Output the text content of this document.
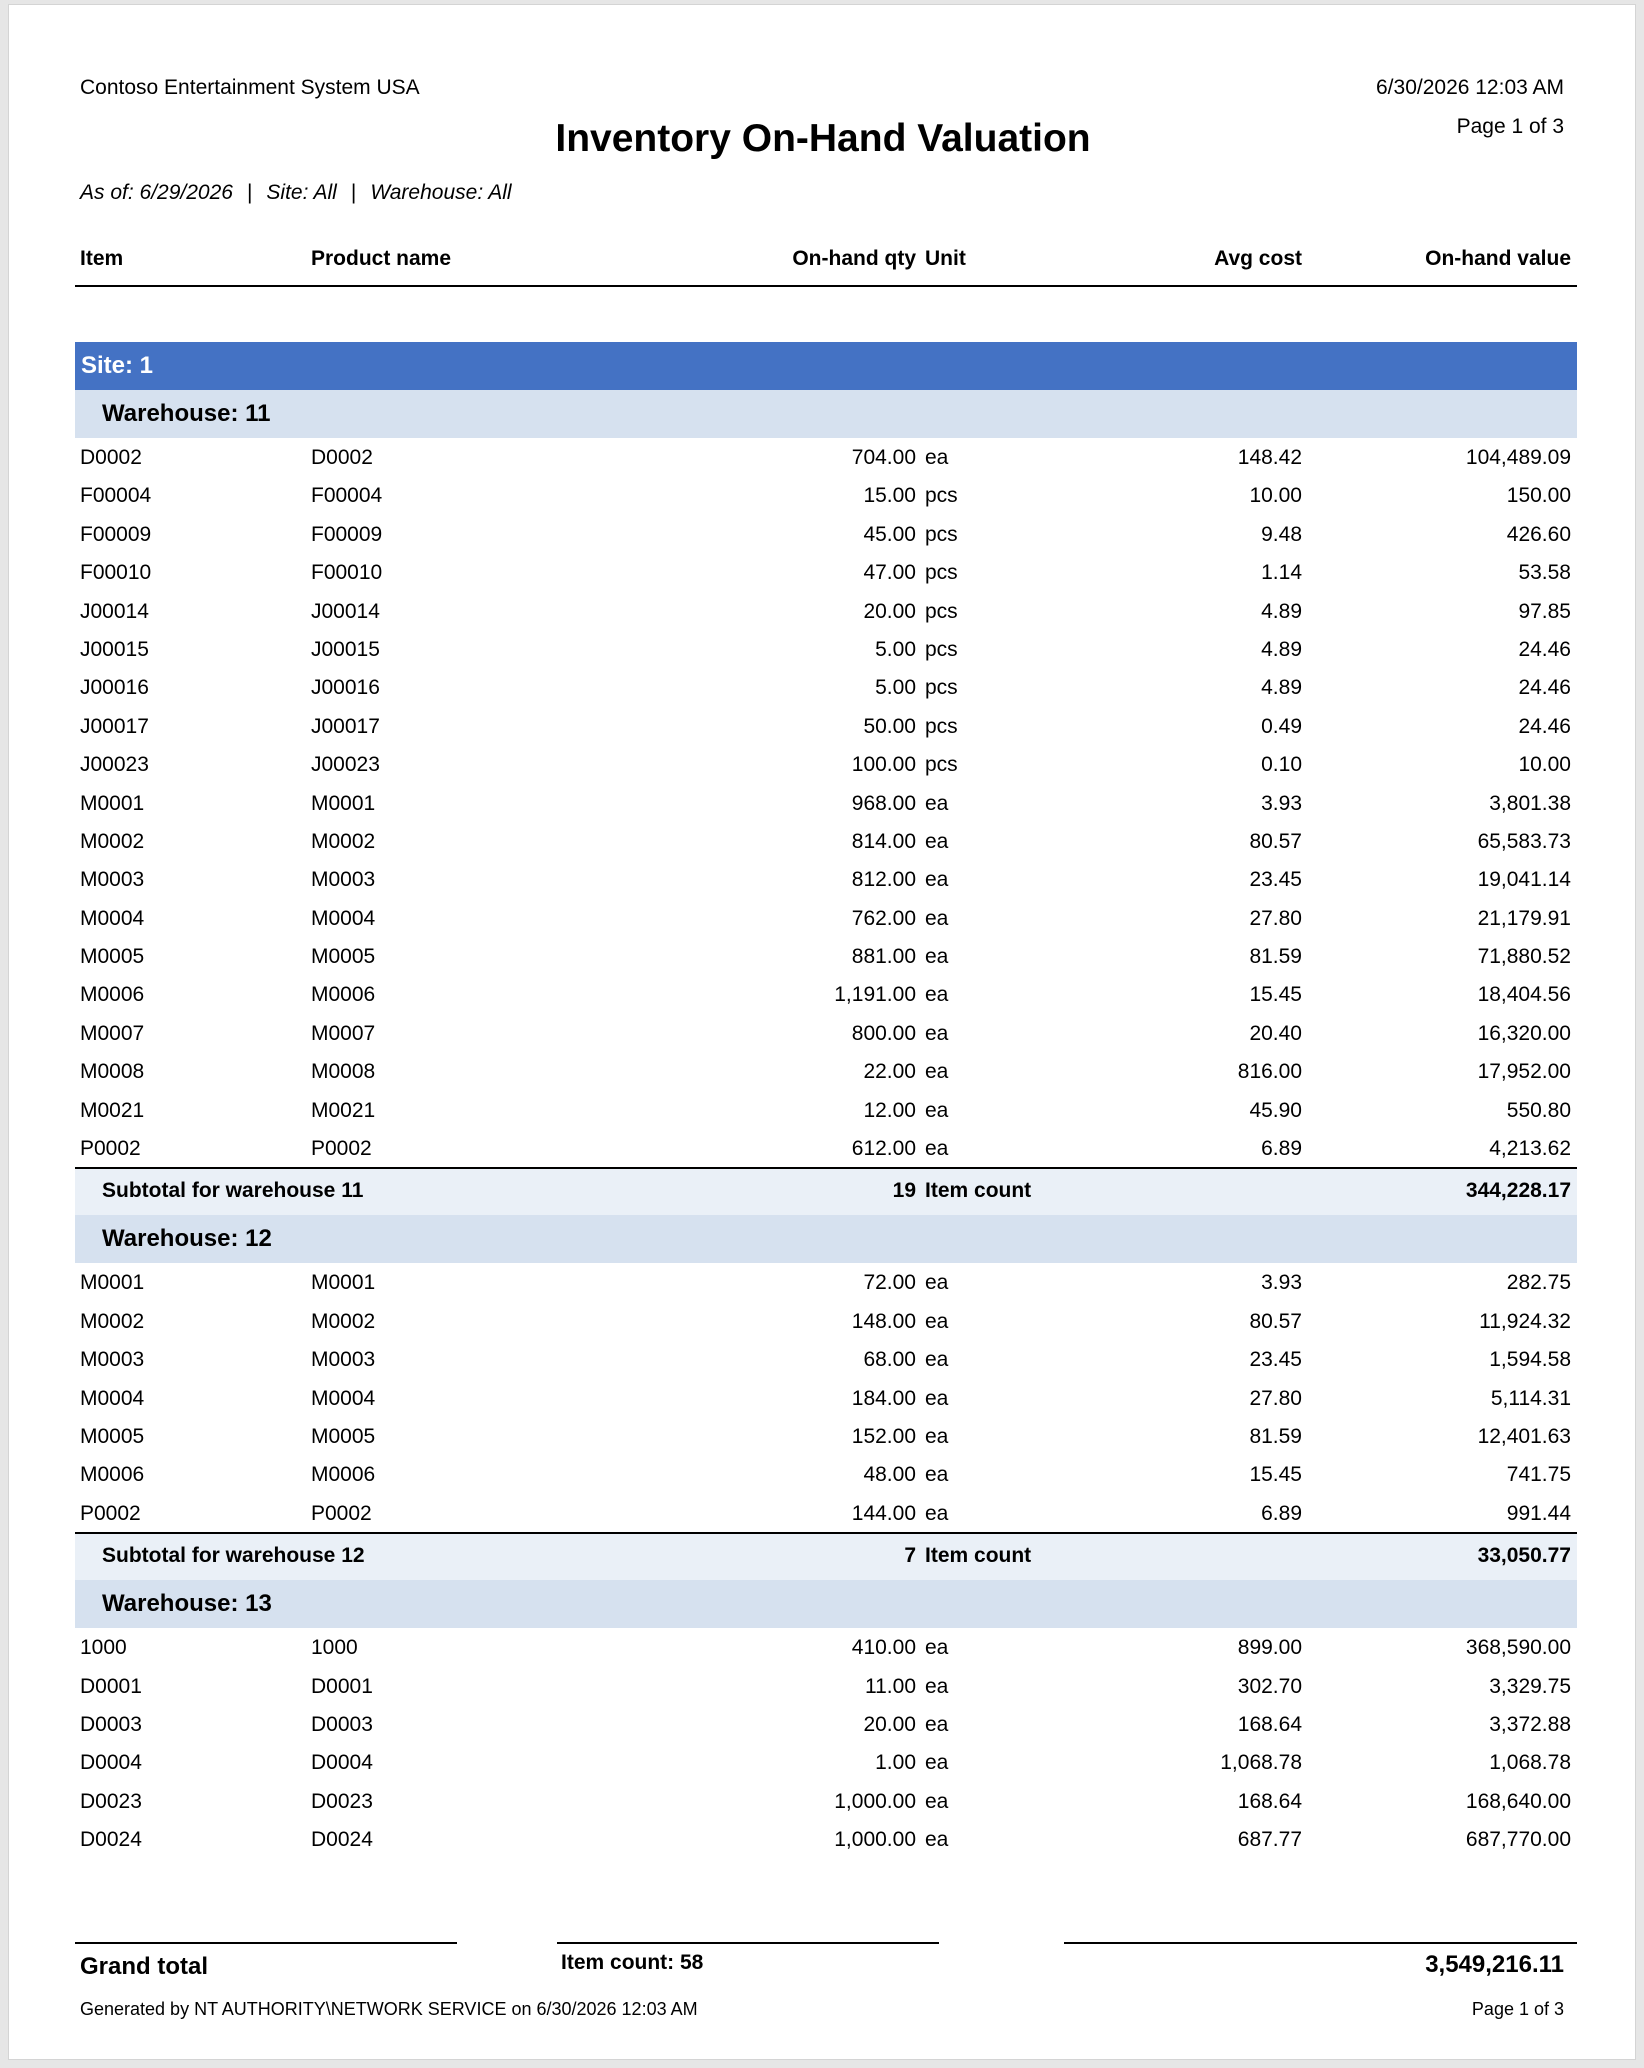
Contoso Entertainment System USA	6/30/2026 12:03 AM
Page 1 of 3
Inventory On-Hand Valuation
As of: 6/29/2026 | Site: All | Warehouse: All
Item	Product name	On-hand qty Unit	Avg cost	On-hand value
Site: 1
Warehouse: 11
D0002	D0002	704.00 ea	148.42	104,489.09
F00004	F00004	15.00 pcs	10.00	150.00
F00009	F00009	45.00 pcs	9.48	426.60
F00010	F00010	47.00 pcs	1.14	53.58
J00014	J00014	20.00 pcs	4.89	97.85
J00015	J00015	5.00 pcs	4.89	24.46
J00016	J00016	5.00 pcs	4.89	24.46
J00017	J00017	50.00 pcs	0.49	24.46
J00023	J00023	100.00 pcs	0.10	10.00
M0001	M0001	968.00 ea	3.93	3,801.38
M0002	M0002	814.00 ea	80.57	65,583.73
M0003	M0003	812.00 ea	23.45	19,041.14
M0004	M0004	762.00 ea	27.80	21,179.91
M0005	M0005	881.00 ea	81.59	71,880.52
M0006	M0006	1,191.00 ea	15.45	18,404.56
M0007	M0007	800.00 ea	20.40	16,320.00
M0008	M0008	22.00 ea	816.00	17,952.00
M0021	M0021	12.00 ea	45.90	550.80
P0002	P0002	612.00 ea	6.89	4,213.62
Subtotal for warehouse 11	19 Item count	344,228.17
Warehouse: 12
M0001	M0001	72.00 ea	3.93	282.75
M0002	M0002	148.00 ea	80.57	11,924.32
M0003	M0003	68.00 ea	23.45	1,594.58
M0004	M0004	184.00 ea	27.80	5,114.31
M0005	M0005	152.00 ea	81.59	12,401.63
M0006	M0006	48.00 ea	15.45	741.75
P0002	P0002	144.00 ea	6.89	991.44
Subtotal for warehouse 12	7 Item count	33,050.77
Warehouse: 13
1000	1000	410.00 ea	899.00	368,590.00
D0001	D0001	11.00 ea	302.70	3,329.75
D0003	D0003	20.00 ea	168.64	3,372.88
D0004	D0004	1.00 ea	1,068.78	1,068.78
D0023	D0023	1,000.00 ea	168.64	168,640.00
D0024	D0024	1,000.00 ea	687.77	687,770.00
Grand total	Item count: 58	3,549,216.11
Generated by NT AUTHORITY\NETWORK SERVICE on 6/30/2026 12:03 AM	Page 1 of 3
